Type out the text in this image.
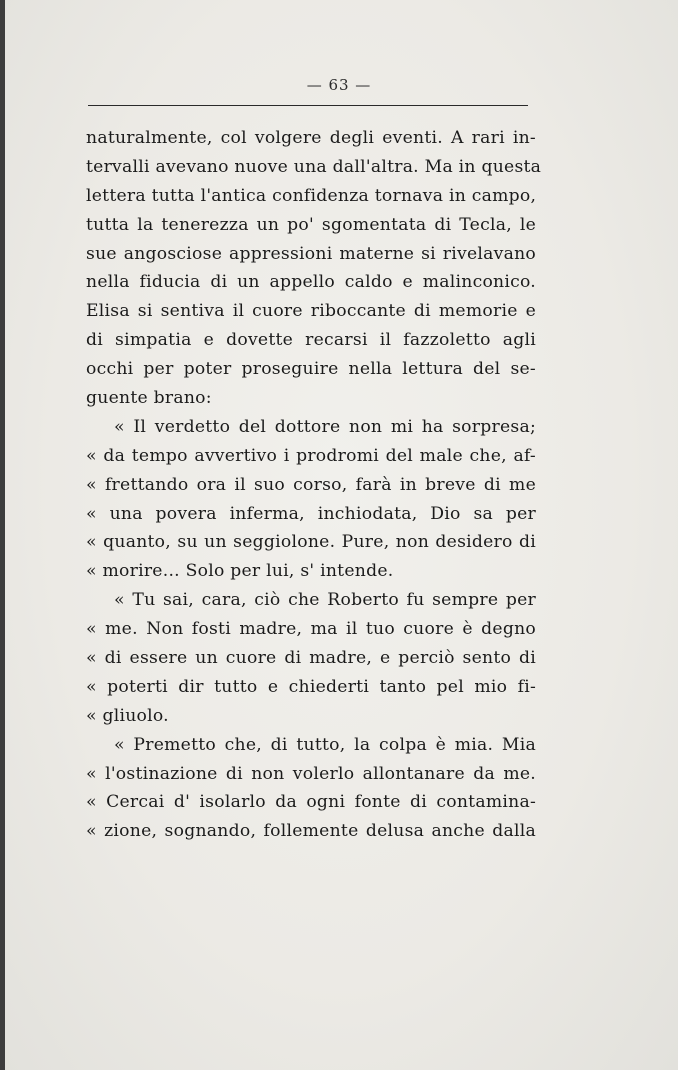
— 63 —
naturalmente, col volgere degli eventi. A rari in-
tervalli avevano nuove una dall'altra. Ma in questa
lettera tutta l'antica confidenza tornava in campo,
tutta la tenerezza un po' sgomentata di Tecla, le
sue angosciose appressioni materne si rivelavano
nella fiducia di un appello caldo e malinconico.
Elisa si sentiva il cuore riboccante di memorie e
di simpatia e dovette recarsi il fazzoletto agli
occhi per poter proseguire nella lettura del se-
guente brano:
« Il verdetto del dottore non mi ha sorpresa;
« da tempo avvertivo i prodromi del male che, af-
« frettando ora il suo corso, farà in breve di me
« una povera inferma, inchiodata, Dio sa per
« quanto, su un seggiolone. Pure, non desidero di
« morire... Solo per lui, s' intende.
« Tu sai, cara, ciò che Roberto fu sempre per
« me. Non fosti madre, ma il tuo cuore è degno
« di essere un cuore di madre, e perciò sento di
« poterti dir tutto e chiederti tanto pel mio fi-
« gliuolo.
« Premetto che, di tutto, la colpa è mia. Mia
« l'ostinazione di non volerlo allontanare da me.
« Cercai d' isolarlo da ogni fonte di contamina-
« zione, sognando, follemente delusa anche dalla
